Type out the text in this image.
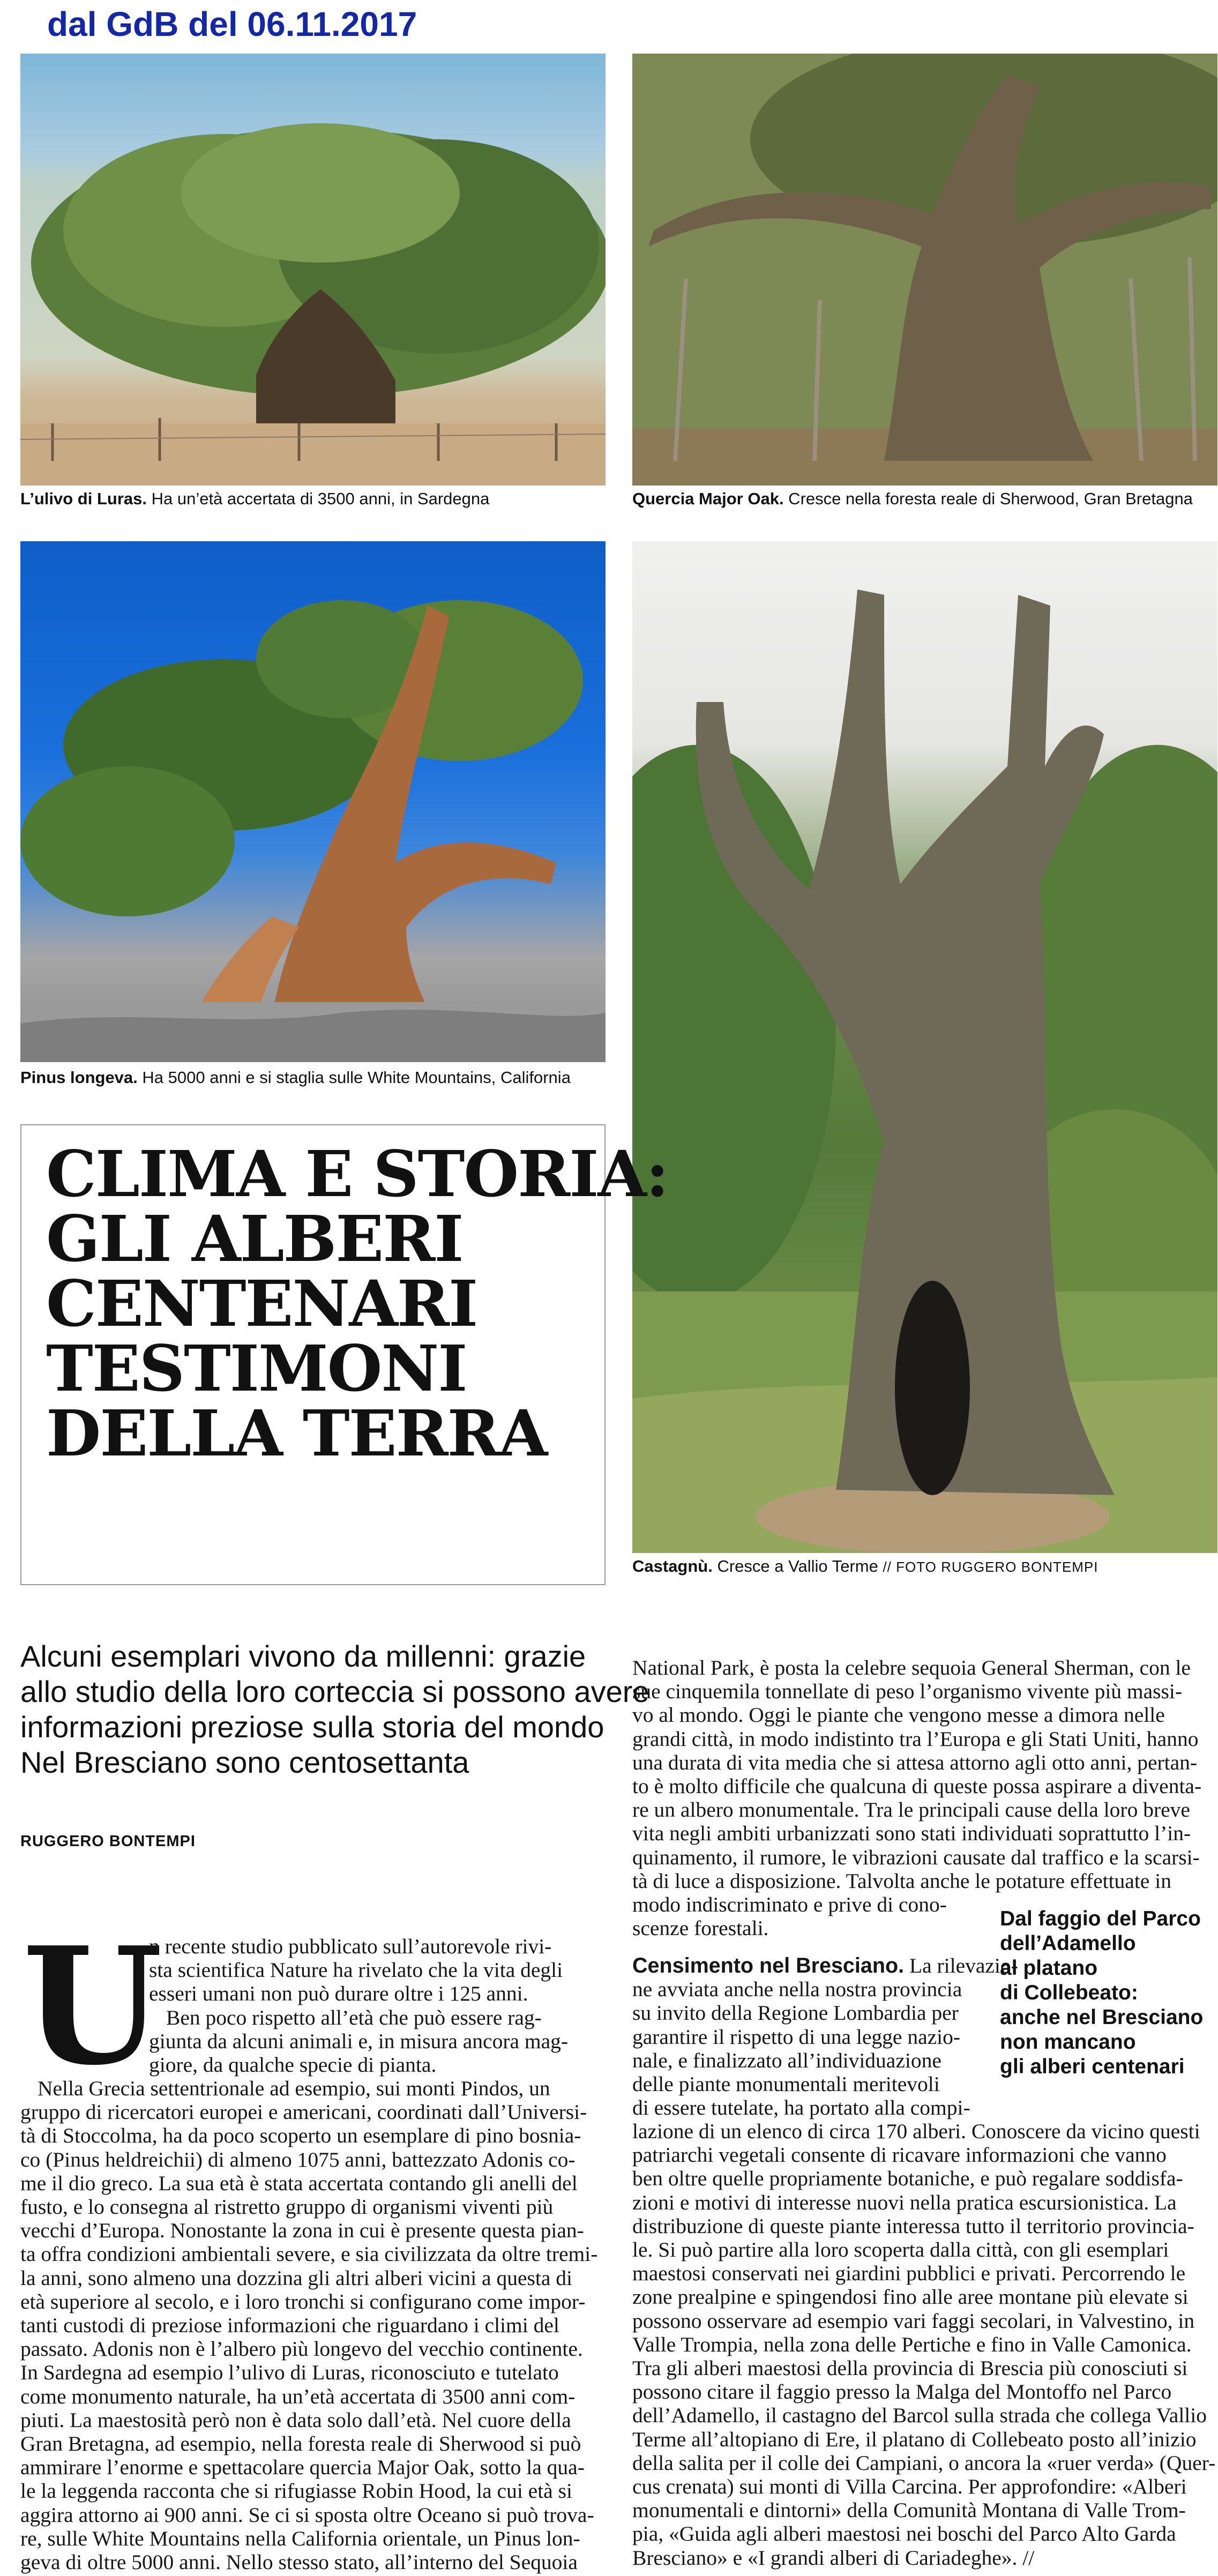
dal GdB del 06.11.2017
L’ulivo di Luras. Ha un’età accertata di 3500 anni, in Sardegna	Quercia Major Oak. Cresce nella foresta reale di Sherwood, Gran Bretagna
Pinus longeva. Ha 5000 anni e si staglia sulle White Mountains, California
Castagnù. Cresce a Vallio Terme // FOTO RUGGERO BONTEMPI
CLIMA E STORIA:
GLI ALBERI
CENTENARI
TESTIMONI
DELLA TERRA
Alcuni esemplari vivono da millenni: grazie
allo studio della loro corteccia si possono avere
informazioni preziose sulla storia del mondo
Nel Bresciano sono centosettanta
RUGGERO BONTEMPI
U
n recente studio pubblicato sull’autorevole rivi-
sta scientifica Nature ha rivelato che la vita degli
esseri umani non può durare oltre i 125 anni.
Ben poco rispetto all’età che può essere rag-
giunta da alcuni animali e, in misura ancora mag-
giore, da qualche specie di pianta.
Nella Grecia settentrionale ad esempio, sui monti Pindos, un
gruppo di ricercatori europei e americani, coordinati dall’Universi-
tà di Stoccolma, ha da poco scoperto un esemplare di pino bosnia-
co (Pinus heldreichii) di almeno 1075 anni, battezzato Adonis co-
me il dio greco. La sua età è stata accertata contando gli anelli del
fusto, e lo consegna al ristretto gruppo di organismi viventi più
vecchi d’Europa. Nonostante la zona in cui è presente questa pian-
ta offra condizioni ambientali severe, e sia civilizzata da oltre tremi-
la anni, sono almeno una dozzina gli altri alberi vicini a questa di
età superiore al secolo, e i loro tronchi si configurano come impor-
tanti custodi di preziose informazioni che riguardano i climi del
passato. Adonis non è l’albero più longevo del vecchio continente.
In Sardegna ad esempio l’ulivo di Luras, riconosciuto e tutelato
come monumento naturale, ha un’età accertata di 3500 anni com-
piuti. La maestosità però non è data solo dall’età. Nel cuore della
Gran Bretagna, ad esempio, nella foresta reale di Sherwood si può
ammirare l’enorme e spettacolare quercia Major Oak, sotto la qua-
le la leggenda racconta che si rifugiasse Robin Hood, la cui età si
aggira attorno ai 900 anni. Se ci si sposta oltre Oceano si può trova-
re, sulle White Mountains nella California orientale, un Pinus lon-
geva di oltre 5000 anni. Nello stesso stato, all’interno del Sequoia
National Park, è posta la celebre sequoia General Sherman, con le
sue cinquemila tonnellate di peso l’organismo vivente più massi-
vo al mondo. Oggi le piante che vengono messe a dimora nelle
grandi città, in modo indistinto tra l’Europa e gli Stati Uniti, hanno
una durata di vita media che si attesa attorno agli otto anni, pertan-
to è molto difficile che qualcuna di queste possa aspirare a diventa-
re un albero monumentale. Tra le principali cause della loro breve
vita negli ambiti urbanizzati sono stati individuati soprattutto l’in-
quinamento, il rumore, le vibrazioni causate dal traffico e la scarsi-
tà di luce a disposizione. Talvolta anche le potature effettuate in
modo indiscriminato e prive di cono-
scenze forestali.
Censimento nel Bresciano. La rilevazio-
ne avviata anche nella nostra provincia
su invito della Regione Lombardia per
garantire il rispetto di una legge nazio-
nale, e finalizzato all’individuazione
delle piante monumentali meritevoli
di essere tutelate, ha portato alla compi-
lazione di un elenco di circa 170 alberi. Conoscere da vicino questi
patriarchi vegetali consente di ricavare informazioni che vanno
ben oltre quelle propriamente botaniche, e può regalare soddisfa-
zioni e motivi di interesse nuovi nella pratica escursionistica. La
distribuzione di queste piante interessa tutto il territorio provincia-
le. Si può partire alla loro scoperta dalla città, con gli esemplari
maestosi conservati nei giardini pubblici e privati. Percorrendo le
zone prealpine e spingendosi fino alle aree montane più elevate si
possono osservare ad esempio vari faggi secolari, in Valvestino, in
Valle Trompia, nella zona delle Pertiche e fino in Valle Camonica.
Tra gli alberi maestosi della provincia di Brescia più conosciuti si
possono citare il faggio presso la Malga del Montoffo nel Parco
dell’Adamello, il castagno del Barcol sulla strada che collega Vallio
Terme all’altopiano di Ere, il platano di Collebeato posto all’inizio
della salita per il colle dei Campiani, o ancora la «ruer verda» (Quer-
cus crenata) sui monti di Villa Carcina. Per approfondire: «Alberi
monumentali e dintorni» della Comunità Montana di Valle Trom-
pia, «Guida agli alberi maestosi nei boschi del Parco Alto Garda
Bresciano» e «I grandi alberi di Cariadeghe». //
Dal faggio del Parco
dell’Adamello
al platano
di Collebeato:
anche nel Bresciano
non mancano
gli alberi centenari
